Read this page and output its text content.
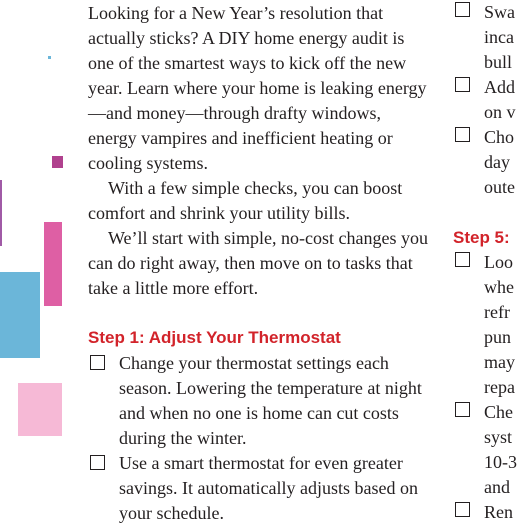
Looking for a New Year’s resolution that actually sticks? A DIY home energy audit is one of the smartest ways to kick off the new year. Learn where your home is leaking energy—and money—through drafty windows, energy vampires and inefficient heating or cooling systems.

With a few simple checks, you can boost comfort and shrink your utility bills.

We’ll start with simple, no-cost changes you can do right away, then move on to tasks that take a little more effort.

Step 1: Adjust Your Thermostat

Change your thermostat settings each season. Lowering the temperature at night and when no one is home can cut costs during the winter.

Use a smart thermostat for even greater savings. It automatically adjusts based on your schedule.

Swa
inca
bull
Add
on v
Cho
day
oute
Step 5:
Loo
whe
refr
pun
may
repa
Che
syst
10-3
and
Ren
